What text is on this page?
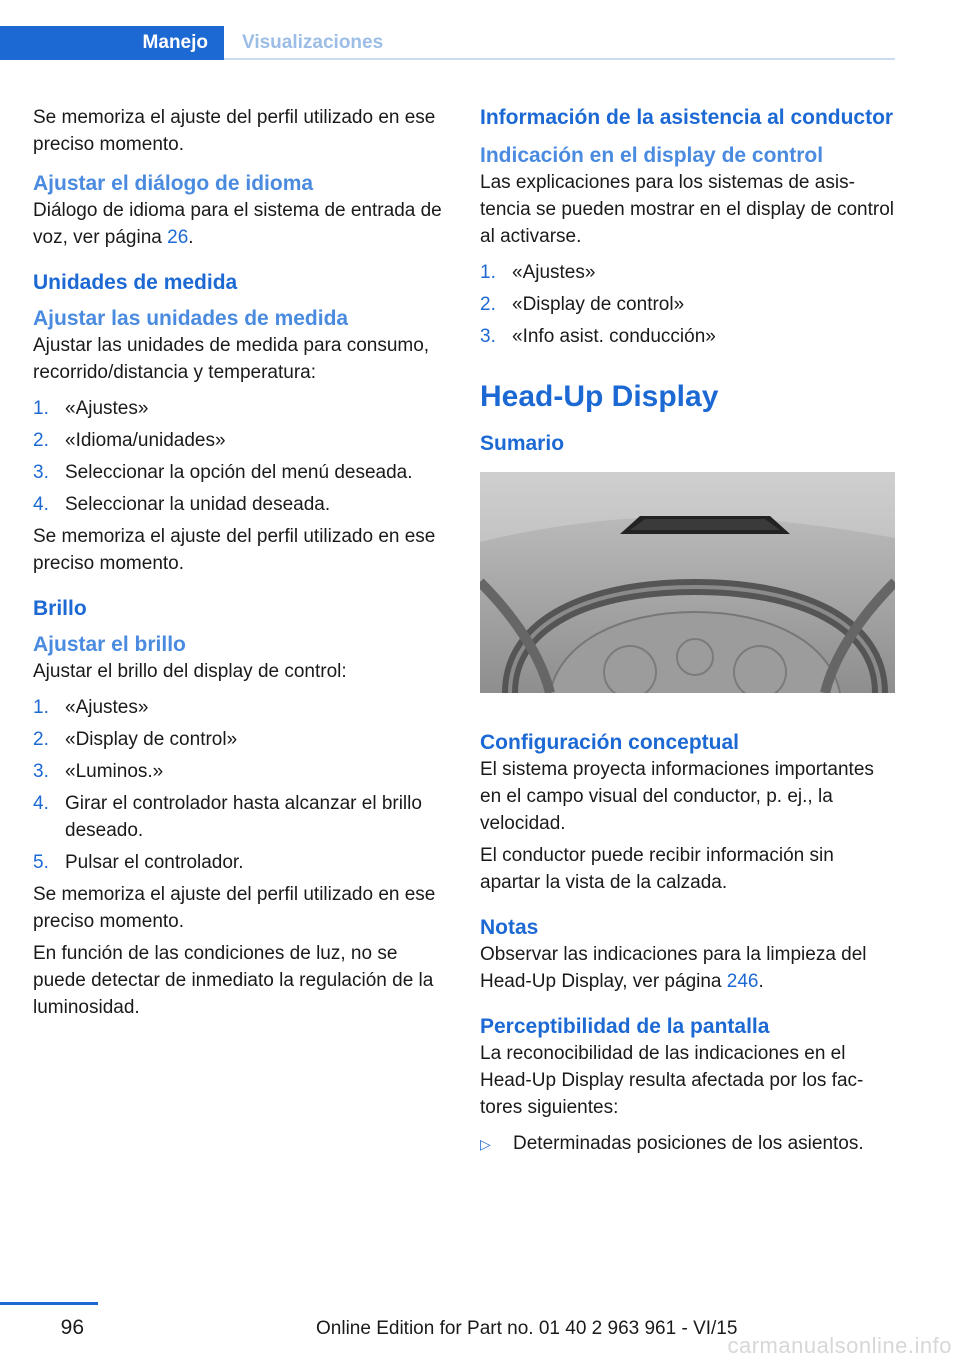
Manejo	Visualizaciones

Se memoriza el ajuste del perfil utilizado en ese preciso momento.

Ajustar el diálogo de idioma

Diálogo de idioma para el sistema de entrada de voz, ver página 26.

Unidades de medida
Ajustar las unidades de medida

Ajustar las unidades de medida para consumo, recorrido/distancia y temperatura:

1. «Ajustes»
2. «Idioma/unidades»
3. Seleccionar la opción del menú deseada.
4. Seleccionar la unidad deseada.

Se memoriza el ajuste del perfil utilizado en ese preciso momento.

Brillo
Ajustar el brillo

Ajustar el brillo del display de control:

1. «Ajustes»
2. «Display de control»
3. «Luminos.»
4. Girar el controlador hasta alcanzar el brillo deseado.
5. Pulsar el controlador.

Se memoriza el ajuste del perfil utilizado en ese preciso momento.

En función de las condiciones de luz, no se puede detectar de inmediato la regulación de la luminosidad.

Información de la asistencia al conductor
Indicación en el display de control

Las explicaciones para los sistemas de asistencia se pueden mostrar en el display de control al activarse.

1. «Ajustes»
2. «Display de control»
3. «Info asist. conducción»
Head-Up Display
Sumario
Configuración conceptual

El sistema proyecta informaciones importantes en el campo visual del conductor, p. ej., la velocidad.

El conductor puede recibir información sin apartar la vista de la calzada.

Notas

Observar las indicaciones para la limpieza del Head-Up Display, ver página 246.

Perceptibilidad de la pantalla

La reconocibilidad de las indicaciones en el Head-Up Display resulta afectada por los factores siguientes:

▷	Determinadas posiciones de los asientos.
96	Online Edition for Part no. 01 40 2 963 961 - VI/15
carmanualsonline.info
